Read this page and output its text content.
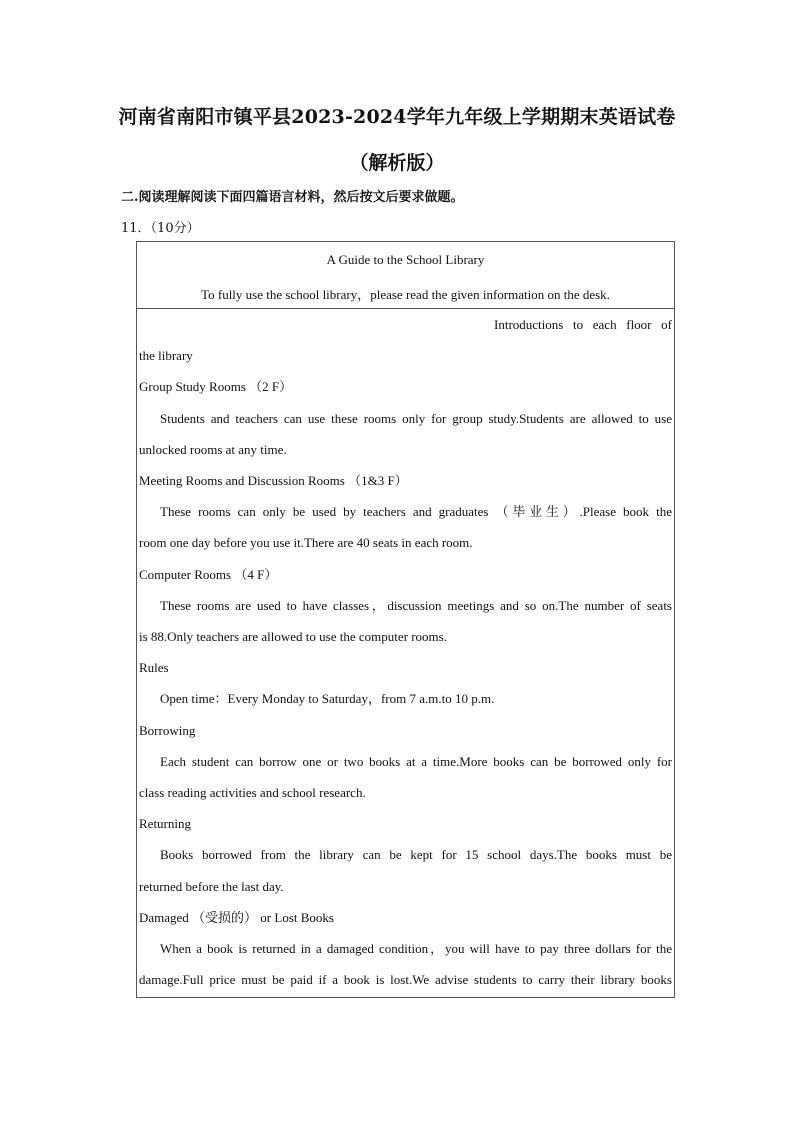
河南省南阳市镇平县2023-2024学年九年级上学期期末英语试卷
（解析版）
二.阅读理解阅读下面四篇语言材料，然后按文后要求做题。
11．（10分）
A Guide to the School Library
To fully use the school library，please read the given information on the desk.

Introductions to each floor of

the library

Group Study Rooms （2 F）

Students and teachers can use these rooms only for group study.Students are allowed to use

unlocked rooms at any time.

Meeting Rooms and Discussion Rooms （1&3 F）

These rooms can only be used by teachers and graduates （毕业生）.Please book the

room one day before you use it.There are 40 seats in each room.

Computer Rooms （4 F）

These rooms are used to have classes，discussion meetings and so on.The number of seats

is 88.Only teachers are allowed to use the computer rooms.

Rules

Open time：Every Monday to Saturday，from 7 a.m.to 10 p.m.

Borrowing

Each student can borrow one or two books at a time.More books can be borrowed only for

class reading activities and school research.

Returning

Books borrowed from the library can be kept for 15 school days.The books must be

returned before the last day.

Damaged （受损的） or Lost Books

When a book is returned in a damaged condition，you will have to pay three dollars for the

damage.Full price must be paid if a book is lost.We advise students to carry their library books
